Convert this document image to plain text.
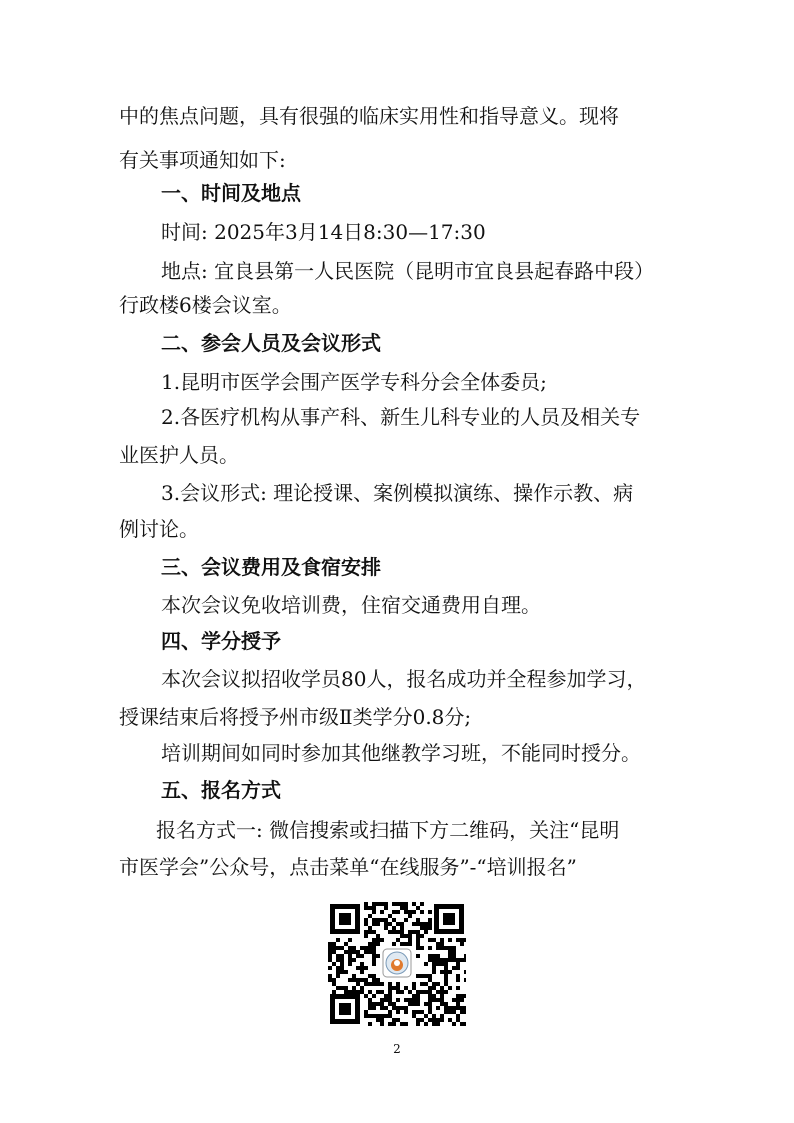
中的焦点问题，具有很强的临床实用性和指导意义。现将
有关事项通知如下:
一、时间及地点
时间: 2025年3月14日8:30—17:30
地点: 宜良县第一人民医院（昆明市宜良县起春路中段）
行政楼6楼会议室。
二、参会人员及会议形式
1.昆明市医学会围产医学专科分会全体委员;
2.各医疗机构从事产科、新生儿科专业的人员及相关专
业医护人员。
3.会议形式: 理论授课、案例模拟演练、操作示教、病
例讨论。
三、会议费用及食宿安排
本次会议免收培训费，住宿交通费用自理。
四、学分授予
本次会议拟招收学员80人，报名成功并全程参加学习，
授课结束后将授予州市级Ⅱ类学分0.8分;
培训期间如同时参加其他继教学习班，不能同时授分。
五、报名方式
报名方式一: 微信搜索或扫描下方二维码，关注“昆明
市医学会”公众号，点击菜单“在线服务”-“培训报名”
2
